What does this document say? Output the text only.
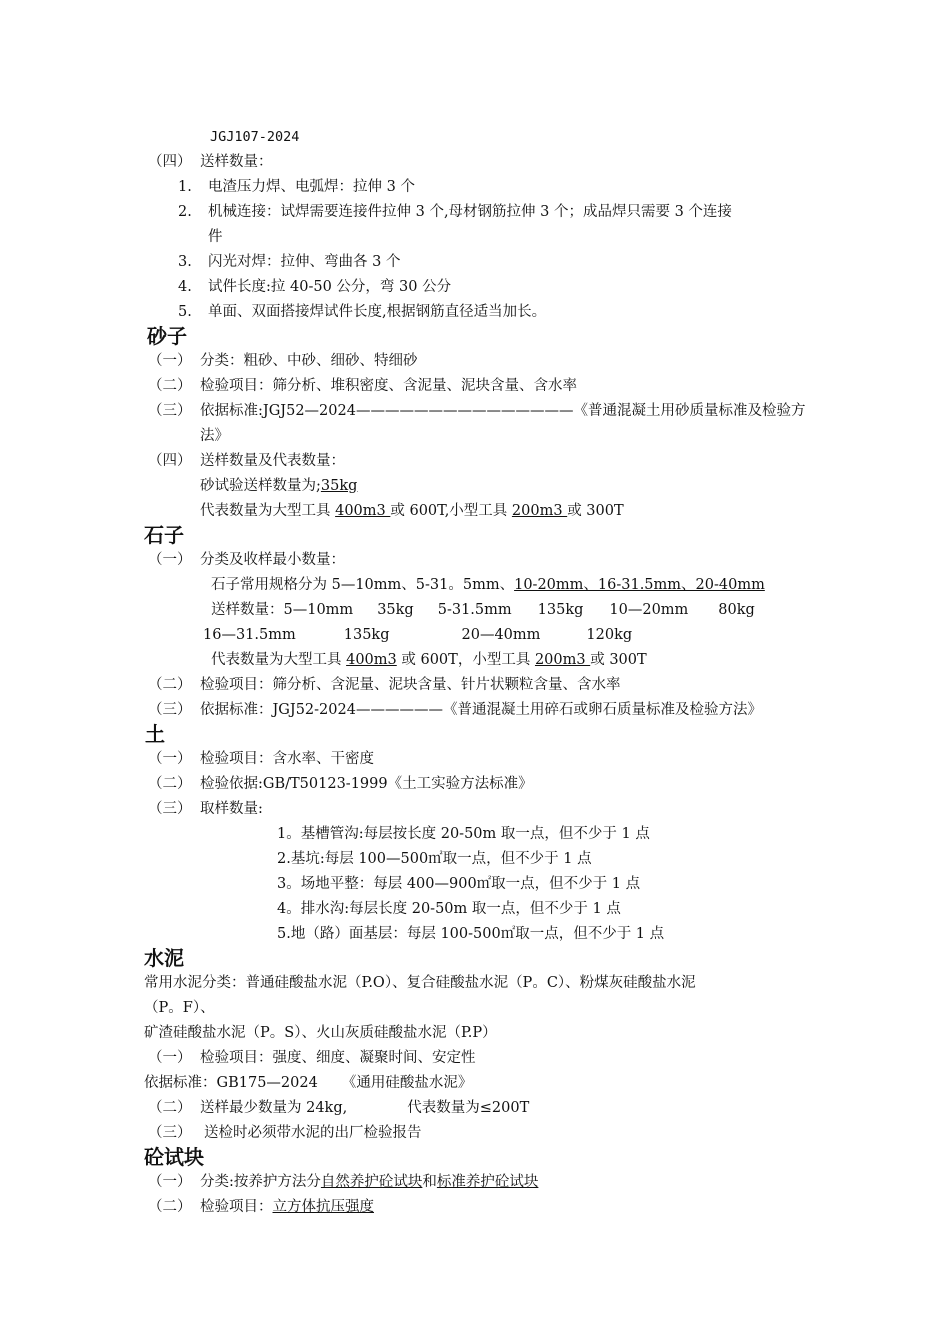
JGJ107-2024
（四） 送样数量：
1. 电渣压力焊、电弧焊：拉伸 3 个
2. 机械连接：试焊需要连接件拉伸 3 个,母材钢筋拉伸 3 个；成品焊只需要 3 个连接
件
3. 闪光对焊：拉伸、弯曲各 3 个
4. 试件长度:拉 40-50 公分，弯 30 公分
5. 单面、双面搭接焊试件长度,根据钢筋直径适当加长。
砂子
（一） 分类：粗砂、中砂、细砂、特细砂
（二） 检验项目：筛分析、堆积密度、含泥量、泥块含量、含水率
（三） 依据标准:JGJ52—2024———————————————《普通混凝土用砂质量标准及检验方
法》
（四） 送样数量及代表数量：
砂试验送样数量为;35kg
代表数量为大型工具 400m3 或 600T,小型工具 200m3 或 300T
石子
（一） 分类及收样最小数量：
石子常用规格分为 5—10mm、5-31。5mm、10-20mm、16-31.5mm、20-40mm
送样数量：5—10mm 35kg 5-31.5mm 135kg 10—20mm 80kg
16—31.5mm	135kg	20—40mm	120kg
代表数量为大型工具 400m3 或 600T，小型工具 200m3 或 300T
（二） 检验项目：筛分析、含泥量、泥块含量、针片状颗粒含量、含水率
（三） 依据标准：JGJ52-2024——————《普通混凝土用碎石或卵石质量标准及检验方法》
土
（一） 检验项目：含水率、干密度
（二） 检验依据:GB/T50123-1999《土工实验方法标准》
（三） 取样数量:
1。基槽管沟:每层按长度 20-50m 取一点，但不少于 1 点
2.基坑:每层 100—500㎡取一点，但不少于 1 点
3。场地平整：每层 400—900㎡取一点，但不少于 1 点
4。排水沟:每层长度 20-50m 取一点，但不少于 1 点
5.地（路）面基层：每层 100-500㎡取一点，但不少于 1 点
水泥
常用水泥分类：普通硅酸盐水泥（P.O）、复合硅酸盐水泥（P。C）、粉煤灰硅酸盐水泥
（P。F）、
矿渣硅酸盐水泥（P。S）、火山灰质硅酸盐水泥（P.P）
（一） 检验项目：强度、细度、凝聚时间、安定性
依据标准：GB175—2024 《通用硅酸盐水泥》
（二） 送样最少数量为 24kg,	代表数量为≤200T
（三） 送检时必须带水泥的出厂检验报告
砼试块
（一） 分类:按养护方法分自然养护砼试块和标准养护砼试块
（二） 检验项目：立方体抗压强度
